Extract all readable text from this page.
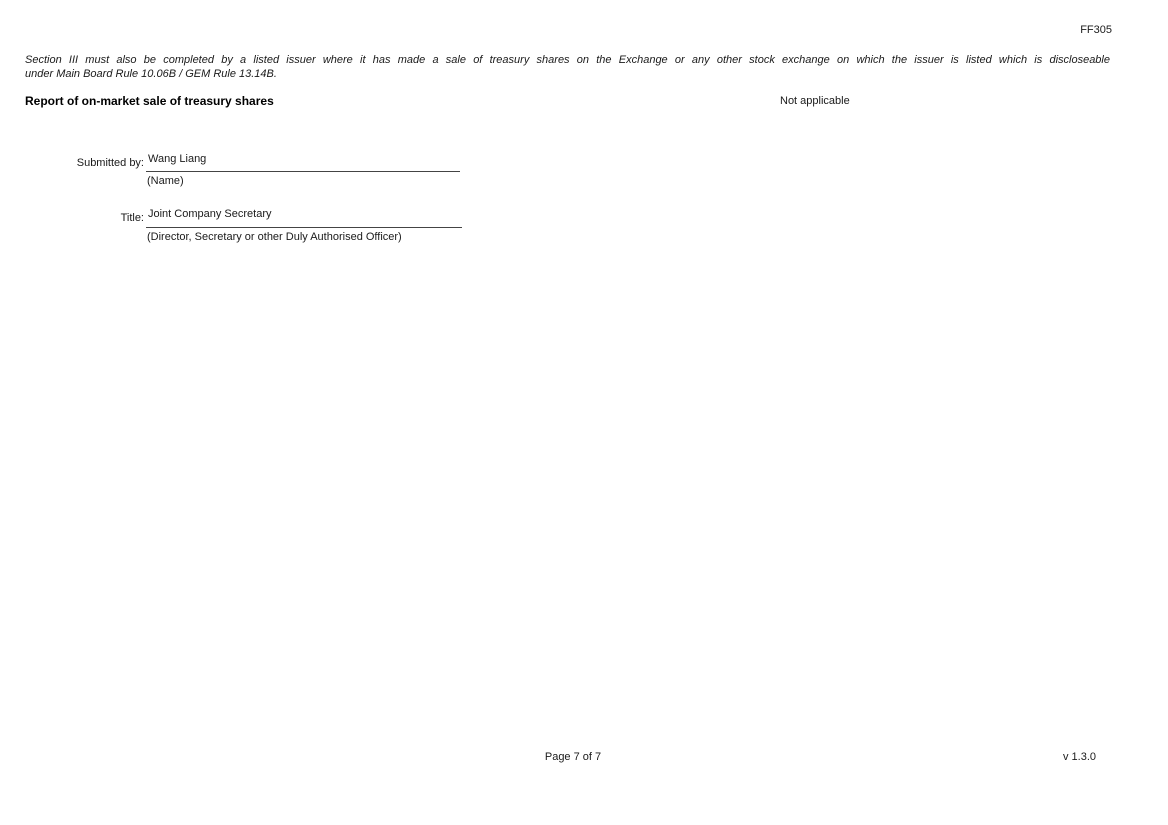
FF305
Section III must also be completed by a listed issuer where it has made a sale of treasury shares on the Exchange or any other stock exchange on which the issuer is listed which is discloseable
under Main Board Rule 10.06B / GEM Rule 13.14B.
Report of on-market sale of treasury shares	Not applicable
Submitted by: Wang Liang
(Name)
Title: Joint Company Secretary
(Director, Secretary or other Duly Authorised Officer)
Page 7 of 7	v 1.3.0
